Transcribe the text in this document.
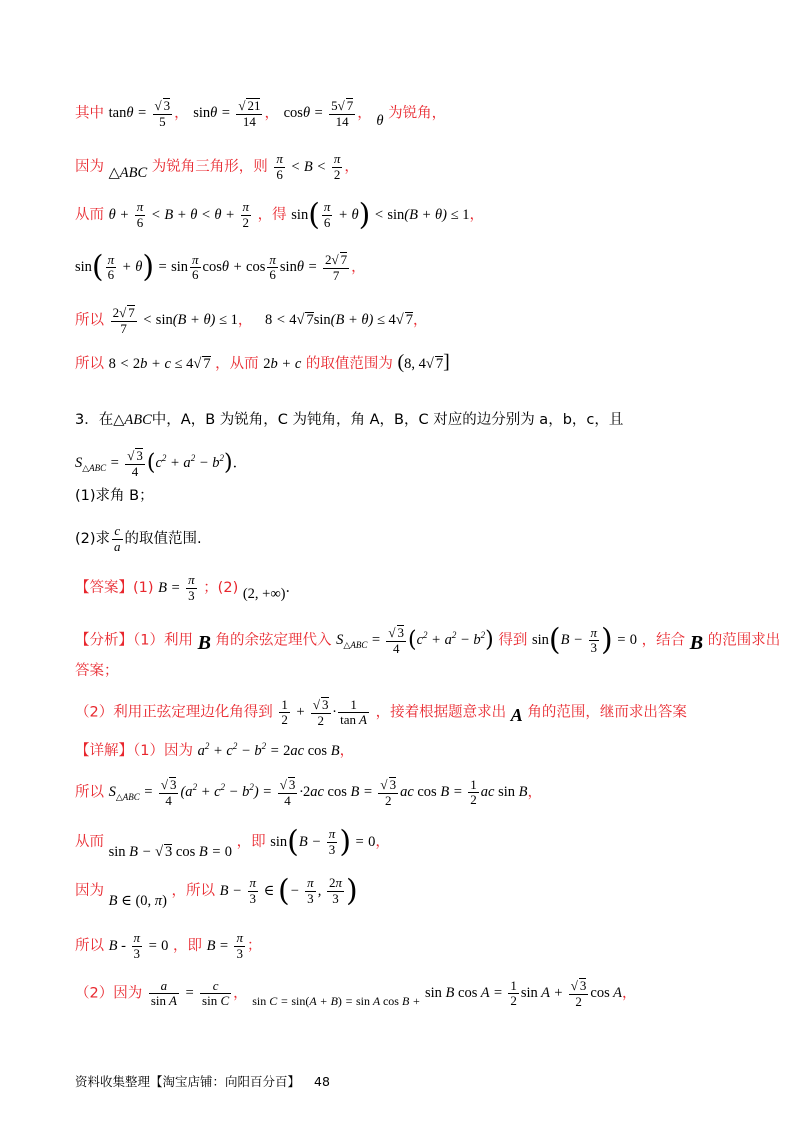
其中 $\tan\theta = \frac{√ 3}{5}$ ， $\sin\theta = \frac{√ 21}{14}$ ， $\cos\theta = \frac{5√ 7}{14}$ ， θ 为锐角，
因为 △ABC 为锐角三角形，则 $\frac{\pi}{6} < B < \frac{\pi}{2}$ ，
从而 $\theta + \frac{\pi}{6} < B + \theta < \theta + \frac{\pi}{2}$ ，得 $\sin( \frac{\pi}{6} + \theta) < \sin(B + \theta) \le 1$，
$\sin( \frac{\pi}{6} + \theta) = \sin \frac{\pi}{6}$ $\cos\theta + \cos \frac{\pi}{6}$ $\sin\theta = \frac{2√ 7}{7}$ ，
所以 $\frac{2√ 7}{7} < \sin(B + \theta) \le 1$， 8 < 4√ 7sin(B + θ) ≤ 4√ 7，
所以 8 < 2b + c ≤ 4√ 7 ，从而 2b + c 的取值范围为 (8, 4√ 7]
3．在△ABC中，A，B 为锐角，C 为钝角，角 A，B，C 对应的边分别为 a，b，c，且
$S_{\triangle ABC} = \frac{√ 3}{4} (c^2 + a^2 - b^2)$．
(1)求角 B；
(2)求 $\frac{c}{a}$ 的取值范围.
【答案】(1) $B = \frac{\pi}{3}$ ；(2) (2, +∞)．
【分析】（1）利用 B 角的余弦定理代入 $S_{\triangle ABC} = \frac{√ 3}{4} (c^2 + a^2 - b^2)$ 得到 $\sin(B - \frac{\pi}{3}$ ) = 0 ，结合 B 的范围求出
答案；
（2）利用正弦定理边化角得到 $\frac{1}{2} + \frac{√ 3}{2} \cdot \frac{1}{\text{tan A}}$ ，接着根据题意求出 A 角的范围，继而求出答案
【详解】（1）因为 $a^2 + c^2 - b^2 = 2ac$ cos B，
所以 $S_{\triangle ABC} = \frac{√ 3}{4} (a^2 + c^2 - b^2) = \frac{√ 3}{4} \cdot 2ac$ $\cos B = \frac{√ 3}{2}$ ac $\cos B = \frac{1}{2}$ ac sin B，
从而 sin B − √ 3 cos B = 0 ，即 $\sin(B - \frac{\pi}{3}$ ) = 0，
因为 B ∈ (0, π) ，所以 $B - \frac{\pi}{3}$ ∈ (− $\frac{\pi}{3}$ , $\frac{2\pi}{3}$ )
所以 $B - \frac{\pi}{3} = 0$ ，即 $B = \frac{\pi}{3}$ ；
（2）因为 $\frac{a}{\text{sin A}} = \frac{c}{\text{sin C}}$ ， $_{sin C = sin(A + B) = sin A cos B +}$ sin B $\cos A = \frac{1}{2}$ $\sin A + \frac{√ 3}{2}$ cos A，
资料收集整理【淘宝店铺：向阳百分百】 48
